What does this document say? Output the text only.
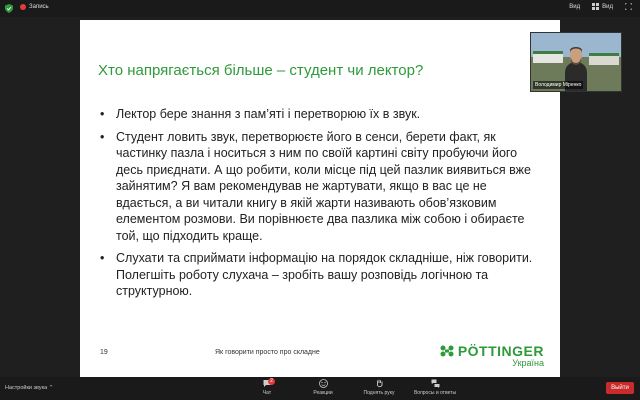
Запись	Вид	Вид
Хто напрягається більше – студент чи лектор?
• Лектор бере знання з пам’яті і перетворюю їх в звук.
• Студент ловить звук, перетворюєте його в сенси, берети факт, як частинку пазла і носиться з ним по своїй картині світу пробуючи його десь приєднати. А що робити, коли місце під цей пазлик виявиться вже зайнятим? Я вам рекомендував не жартувати, якщо в вас це не вдається, а ви читали книгу в якій жарти називають обов’язковим елементом розмови. Ви порівнюєте два пазлика між собою і обираєте той, що підходить краще.
• Слухати та сприймати інформацію на порядок складніше, ніж говорити. Полегшіть роботу слухача – зробіть вашу розповідь логічною та структурною.
19	Як говорити просто про складне	PÖTTINGER
Україна
Володимир Міренко
Настройки звука ⌃
2
Чат	Реакции	Поднять руку	Вопросы и ответы
Выйти
